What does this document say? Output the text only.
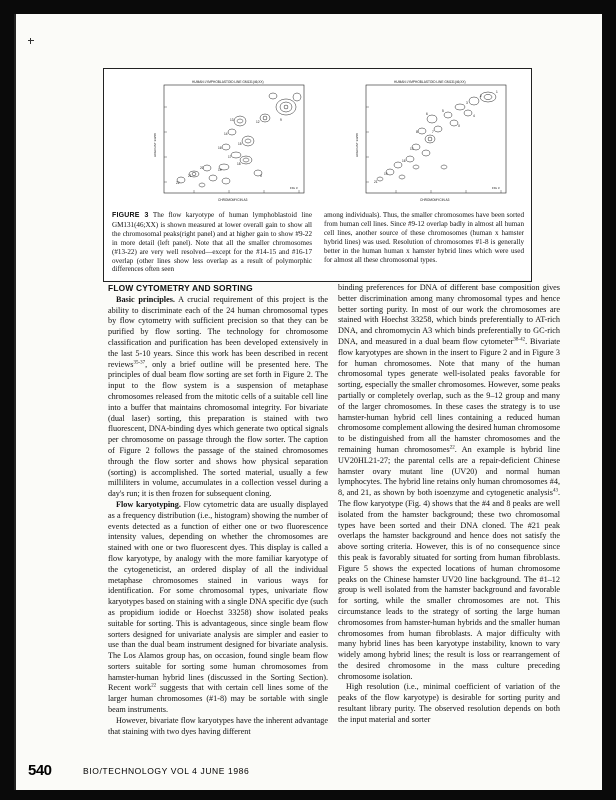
9
12
13
14
15
16
17
18
19
20
21
22
X
HUMAN LYMPHOBLASTOID LINE GM131(46;XX)
HOECHST 33258
CHROMOMYCIN A3
FIG 3
1
2
3
4
5
6
X
7
8
13
16
19
21
HUMAN LYMPHOBLASTOID LINE GM131(46;XX)
HOECHST 33258
CHROMOMYCIN A3
FIG 3
FIGURE 3 The flow karyotype of human lymphoblastoid line GM131(46;XX) is shown measured at lower overall gain to show all the chromosomal peaks(right panel) and at higher gain to show #9-22 in more detail (left panel). Note that all the smaller chromosomes (#13-22) are very well resolved—except for the #14-15 and #16-17 overlap (other lines show less overlap as a result of polymorphic differences often seen
among individuals). Thus, the smaller chromosomes have been sorted from human cell lines. Since #9-12 overlap badly in almost all human cell lines, another source of these chromosomes (human x hamster hybrid lines) was used. Resolution of chromosomes #1-8 is generally better in the human human x hamster hybrid lines which were used for almost all these chromosomal types.
FLOW CYTOMETRY AND SORTING

Basic principles. A crucial requirement of this project is the ability to discriminate each of the 24 human chromosomal types by flow cytometry with sufficient precision so that they can be purified by flow sorting. The technology for chromosome classification and purification has been developed extensively in the last 5-10 years. Since this work has been described in recent reviews$^{35-37}$, only a brief outline will be presented here. The principles of dual beam flow sorting are set forth in Figure 2. The input to the flow system is a suspension of metaphase chromosomes released from the mitotic cells of a suitable cell line into a buffer that maintains chromosomal integrity. For bivariate (dual laser) sorting, this preparation is stained with two fluorescent, DNA-binding dyes which generate two optical signals per chromosome on passage through the flow sorter. The caption of Figure 2 follows the passage of the stained chromosomes through the flow sorter and shows how physical separation (sorting) is accomplished. The sorted material, usually a few milliliters in volume, accumulates in a collection vessel during a day's run; it is then frozen for subsequent cloning.

Flow karyotyping. Flow cytometric data are usually displayed as a frequency distribution (i.e., histogram) showing the number of events detected as a function of either one or two fluorescence intensity values, depending on whether the chromosomes are stained with one or two fluorescent dyes. This display is called a flow karyotype, by analogy with the more familiar karyotype of the cytogeneticist, an ordered display of all the individual metaphase chromosomes stained in various ways for identification. For some chromosomal types, univariate flow karyotypes based on staining with a single DNA specific dye (such as propidium iodide or Hoechst 33258) show isolated peaks suitable for sorting. This is advantageous, since single beam flow sorters designed for univariate analysis are simpler and easier to use than the dual beam instrument designed for bivariate analysis. The Los Alamos group has, on occasion, found single beam flow sorters suitable for sorting some human chromosomes from hamster-human hybrid lines (discussed in the Sorting Section). Recent work$^{22}$ suggests that with certain cell lines some of the larger human chromosomes (#1-8) may be sortable with single beam instruments.

However, bivariate flow karyotypes have the inherent advantage that staining with two dyes having different

binding preferences for DNA of different base composition gives better discrimination among many chromosomal types and hence better sorting purity. In most of our work the chromosomes are stained with Hoechst 33258, which binds preferentially to AT-rich DNA, and chromomycin A3 which binds preferentially to GC-rich DNA, and measured in a dual beam flow cytometer$^{38-42}$. Bivariate flow karyotypes are shown in the insert to Figure 2 and in Figure 3 for human chromosomes. Note that many of the human chromosomal types generate well-isolated peaks favorable for sorting, especially the smaller chromosomes. However, some peaks partially or completely overlap, such as the 9–12 group and many of the larger chromosomes. In these cases the strategy is to use hamster-human hybrid cell lines containing a reduced human chromosome complement allowing the desired human chromosome to be distinguished from all the hamster chromosomes and the remaining human chromosomes$^{22}$. An example is hybrid line UV20HL21-27; the parental cells are a repair-deficient Chinese hamster ovary mutant line (UV20) and normal human lymphocytes. The hybrid line retains only human chromosomes #4, 8, and 21, as shown by both isoenzyme and cytogenetic analysis$^{43}$. The flow karyotype (Fig. 4) shows that the #4 and 8 peaks are well isolated from the hamster background; these two chromosomal types have been sorted and their DNA cloned. The #21 peak overlaps the hamster background and hence does not satisfy the above sorting criteria. However, this is of no consequence since this peak is favorably situated for sorting from human fibroblasts. Figure 5 shows the expected locations of human chromosome peaks on the Chinese hamster UV20 line background. The #1–12 group is well isolated from the hamster background and favorable for sorting, while the smaller chromosomes are not. This circumstance leads to the strategy of sorting the large human chromosomes from hamster-human hybrids and the smaller human chromosomes from human fibroblasts. A major difficulty with many hybrid lines has been karyotype instability, known to vary widely among hybrid lines; the result is loss or rearrangement of the desired chromosome in the mass culture preceding chromosome isolation.

High resolution (i.e., minimal coefficient of variation of the peaks of the flow karyotype) is desirable for sorting purity and resultant library purity. The observed resolution depends on both the input material and sorter

540	BIO/TECHNOLOGY VOL 4 JUNE 1986
